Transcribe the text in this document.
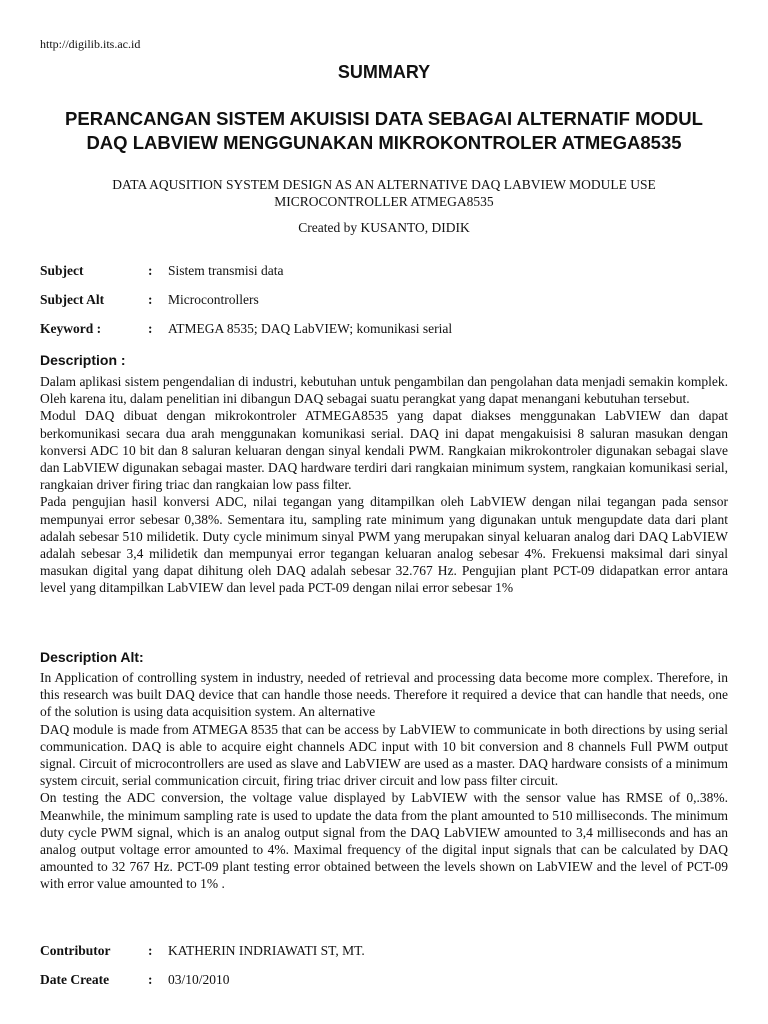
http://digilib.its.ac.id
SUMMARY
PERANCANGAN SISTEM AKUISISI DATA SEBAGAI ALTERNATIF MODUL
DAQ LABVIEW MENGGUNAKAN MIKROKONTROLER ATMEGA8535
DATA AQUSITION SYSTEM DESIGN AS AN ALTERNATIVE DAQ LABVIEW MODULE USE
MICROCONTROLLER ATMEGA8535
Created by KUSANTO, DIDIK
Subject	: Sistem transmisi data
Subject Alt	: Microcontrollers
Keyword :	: ATMEGA 8535; DAQ LabVIEW; komunikasi serial
Description :

Dalam aplikasi sistem pengendalian di industri, kebutuhan untuk pengambilan dan pengolahan data menjadi semakin komplek. Oleh karena itu, dalam penelitian ini dibangun DAQ sebagai suatu perangkat yang dapat menangani kebutuhan tersebut.

Modul DAQ dibuat dengan mikrokontroler ATMEGA8535 yang dapat diakses menggunakan LabVIEW dan dapat berkomunikasi secara dua arah menggunakan komunikasi serial. DAQ ini dapat mengakuisisi 8 saluran masukan dengan konversi ADC 10 bit dan 8 saluran keluaran dengan sinyal kendali PWM. Rangkaian mikrokontroler digunakan sebagai slave dan LabVIEW digunakan sebagai master. DAQ hardware terdiri dari rangkaian minimum system, rangkaian komunikasi serial, rangkaian driver firing triac dan rangkaian low pass filter.

Pada pengujian hasil konversi ADC, nilai tegangan yang ditampilkan oleh LabVIEW dengan nilai tegangan pada sensor mempunyai error sebesar 0,38%. Sementara itu, sampling rate minimum yang digunakan untuk mengupdate data dari plant adalah sebesar 510 milidetik. Duty cycle minimum sinyal PWM yang merupakan sinyal keluaran analog dari DAQ LabVIEW adalah sebesar 3,4 milidetik dan mempunyai error tegangan keluaran analog sebesar 4%. Frekuensi maksimal dari sinyal masukan digital yang dapat dihitung oleh DAQ adalah sebesar 32.767 Hz. Pengujian plant PCT-09 didapatkan error antara level yang ditampilkan LabVIEW dan level pada PCT-09 dengan nilai error sebesar 1%

Description Alt:

In Application of controlling system in industry, needed of retrieval and processing data become more complex. Therefore, in this research was built DAQ device that can handle those needs. Therefore it required a device that can handle that needs, one of the solution is using data acquisition system. An alternative

DAQ module is made from ATMEGA 8535 that can be access by LabVIEW to communicate in both directions by using serial communication. DAQ is able to acquire eight channels ADC input with 10 bit conversion and 8 channels Full PWM output signal. Circuit of microcontrollers are used as slave and LabVIEW are used as a master. DAQ hardware consists of a minimum system circuit, serial communication circuit, firing triac driver circuit and low pass filter circuit.

On testing the ADC conversion, the voltage value displayed by LabVIEW with the sensor value has RMSE of 0,.38%. Meanwhile, the minimum sampling rate is used to update the data from the plant amounted to 510 milliseconds. The minimum duty cycle PWM signal, which is an analog output signal from the DAQ LabVIEW amounted to 3,4 milliseconds and has an analog output voltage error amounted to 4%. Maximal frequency of the digital input signals that can be calculated by DAQ amounted to 32 767 Hz. PCT-09 plant testing error obtained between the levels shown on LabVIEW and the level of PCT-09 with error value amounted to 1% .

Contributor	: KATHERIN INDRIAWATI ST, MT.
Date Create	: 03/10/2010
